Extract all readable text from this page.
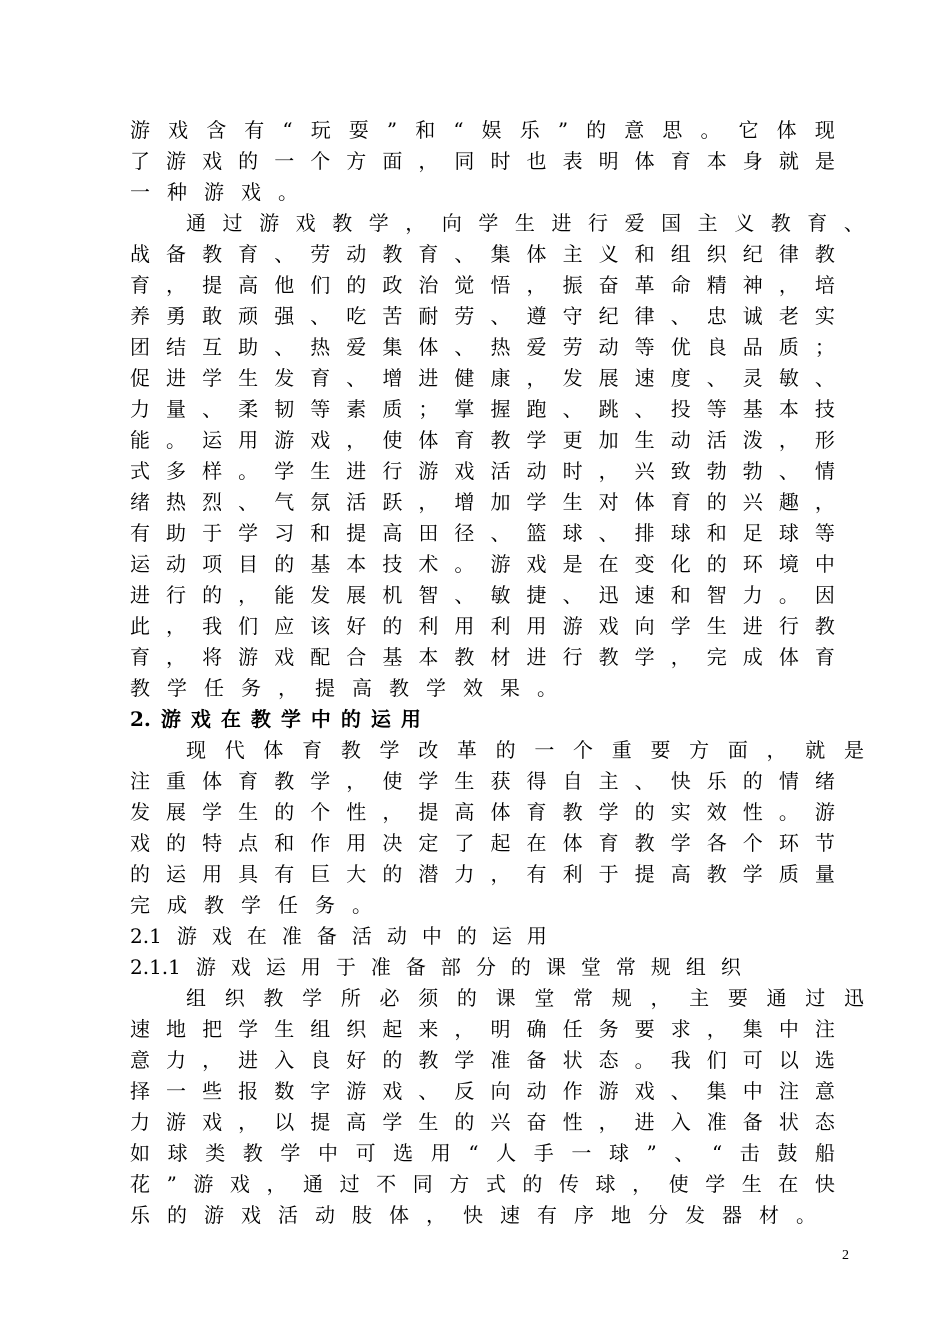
游 戏 含 有 “ 玩 耍 ” 和 “ 娱 乐 ” 的 意 思 。 它 体 现
了 游 戏 的 一 个 方 面 ， 同 时 也 表 明 体 育 本 身 就 是
一 种 游 戏 。
通 过 游 戏 教 学 ， 向 学 生 进 行 爱 国 主 义 教 育 、
战 备 教 育 、 劳 动 教 育 、 集 体 主 义 和 组 织 纪 律 教
育 ， 提 高 他 们 的 政 治 觉 悟 ， 振 奋 革 命 精 神 ， 培
养 勇 敢 顽 强 、 吃 苦 耐 劳 、 遵 守 纪 律 、 忠 诚 老 实
团 结 互 助 、 热 爱 集 体 、 热 爱 劳 动 等 优 良 品 质 ；
促 进 学 生 发 育 、 增 进 健 康 ， 发 展 速 度 、 灵 敏 、
力 量 、 柔 韧 等 素 质 ； 掌 握 跑 、 跳 、 投 等 基 本 技
能 。 运 用 游 戏 ， 使 体 育 教 学 更 加 生 动 活 泼 ， 形
式 多 样 。 学 生 进 行 游 戏 活 动 时 ， 兴 致 勃 勃 、 情
绪 热 烈 、 气 氛 活 跃 ， 增 加 学 生 对 体 育 的 兴 趣 ，
有 助 于 学 习 和 提 高 田 径 、 篮 球 、 排 球 和 足 球 等
运 动 项 目 的 基 本 技 术 。 游 戏 是 在 变 化 的 环 境 中
进 行 的 ， 能 发 展 机 智 、 敏 捷 、 迅 速 和 智 力 。 因
此 ， 我 们 应 该 好 的 利 用 利 用 游 戏 向 学 生 进 行 教
育 ， 将 游 戏 配 合 基 本 教 材 进 行 教 学 ， 完 成 体 育
教 学 任 务 ， 提 高 教 学 效 果 。
2. 游 戏 在 教 学 中 的 运 用
现 代 体 育 教 学 改 革 的 一 个 重 要 方 面 ， 就 是
注 重 体 育 教 学 ， 使 学 生 获 得 自 主 、 快 乐 的 情 绪
发 展 学 生 的 个 性 ， 提 高 体 育 教 学 的 实 效 性 。 游
戏 的 特 点 和 作 用 决 定 了 起 在 体 育 教 学 各 个 环 节
的 运 用 具 有 巨 大 的 潜 力 ， 有 利 于 提 高 教 学 质 量
完 成 教 学 任 务 。
2.1 游 戏 在 准 备 活 动 中 的 运 用
2.1.1 游 戏 运 用 于 准 备 部 分 的 课 堂 常 规 组 织
组 织 教 学 所 必 须 的 课 堂 常 规 ， 主 要 通 过 迅
速 地 把 学 生 组 织 起 来 ， 明 确 任 务 要 求 ， 集 中 注
意 力 ， 进 入 良 好 的 教 学 准 备 状 态 。 我 们 可 以 选
择 一 些 报 数 字 游 戏 、 反 向 动 作 游 戏 、 集 中 注 意
力 游 戏 ， 以 提 高 学 生 的 兴 奋 性 ， 进 入 准 备 状 态
如 球 类 教 学 中 可 选 用 “ 人 手 一 球 ” 、 “ 击 鼓 船
花 ” 游 戏 ， 通 过 不 同 方 式 的 传 球 ， 使 学 生 在 快
乐 的 游 戏 活 动 肢 体 ， 快 速 有 序 地 分 发 器 材 。
2
